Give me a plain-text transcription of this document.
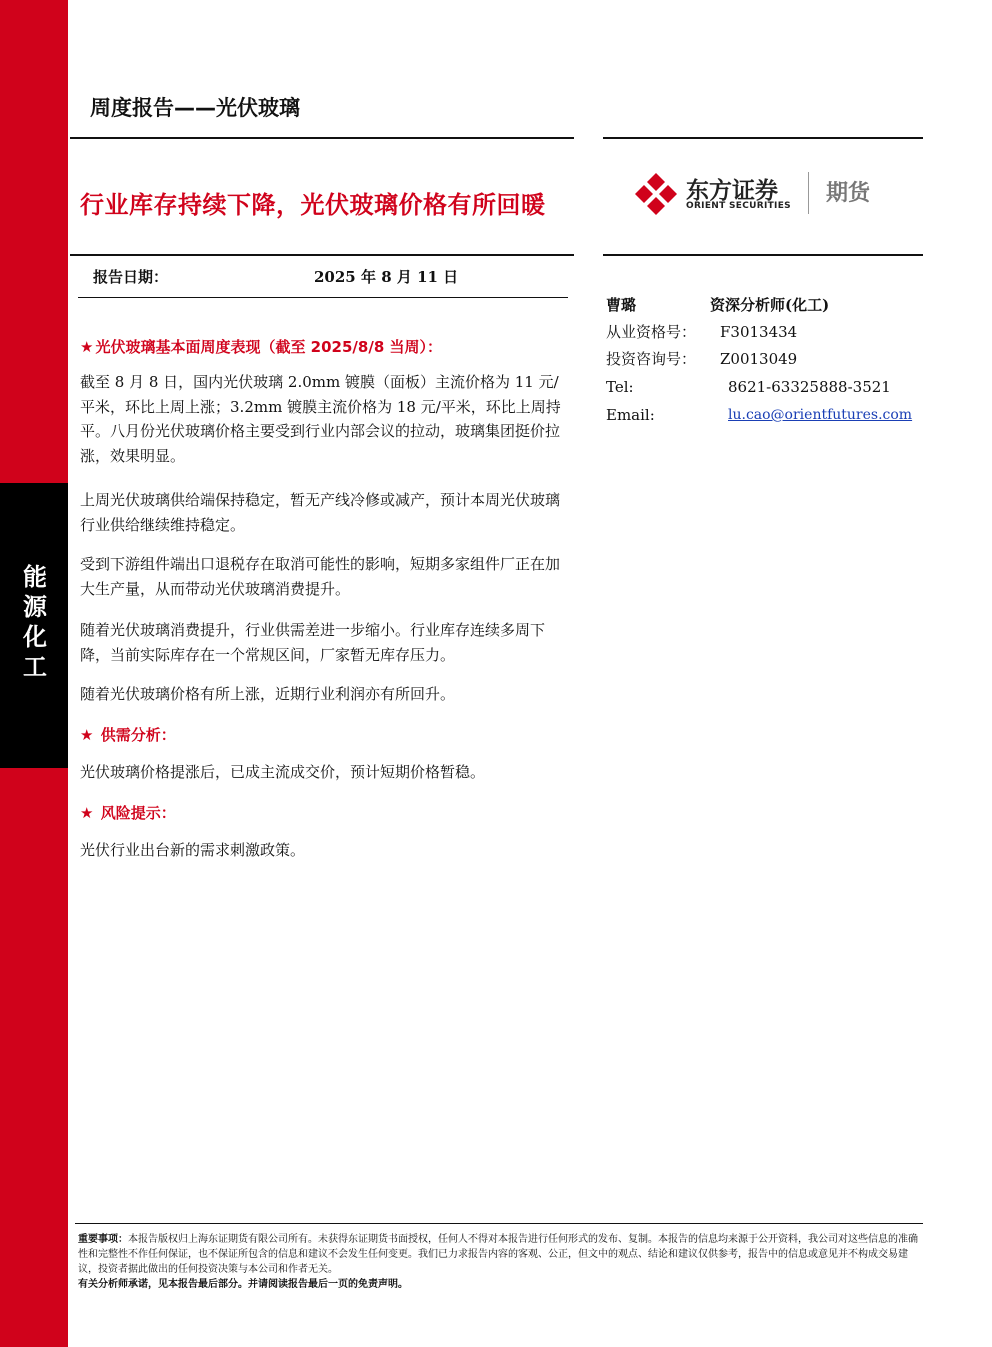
能源化工
周度报告——光伏玻璃
行业库存持续下降，光伏玻璃价格有所回暖	东方证券
ORIENT SECURITIES 期货
报告日期：	2025 年 8 月 11 日
★ 光伏玻璃基本面周度表现（截至 2025/8/8 当周）：
截至 8 月 8 日，国内光伏玻璃 2.0mm 镀膜（面板）主流价格为 11 元/平米，环比上周上涨；3.2mm 镀膜主流价格为 18 元/平米，环比上周持平。八月份光伏玻璃价格主要受到行业内部会议的拉动，玻璃集团挺价拉涨，效果明显。
上周光伏玻璃供给端保持稳定，暂无产线冷修或减产，预计本周光伏玻璃行业供给继续维持稳定。
受到下游组件端出口退税存在取消可能性的影响，短期多家组件厂正在加大生产量，从而带动光伏玻璃消费提升。
随着光伏玻璃消费提升，行业供需差进一步缩小。行业库存连续多周下降，当前实际库存在一个常规区间，厂家暂无库存压力。
随着光伏玻璃价格有所上涨，近期行业利润亦有所回升。
★ 供需分析：
光伏玻璃价格提涨后，已成主流成交价，预计短期价格暂稳。
★ 风险提示：
光伏行业出台新的需求刺激政策。
曹璐	资深分析师(化工)
从业资格号： F3013434
投资咨询号： Z0013049
Tel:	8621-63325888-3521
Email:	lu.cao@orientfutures.com
重要事项：本报告版权归上海东证期货有限公司所有。未获得东证期货书面授权，任何人不得对本报告进行任何形式的发布、复制。本报告的信息均来源于公开资料，我公司对这些信息的准确性和完整性不作任何保证，也不保证所包含的信息和建议不会发生任何变更。我们已力求报告内容的客观、公正，但文中的观点、结论和建议仅供参考，报告中的信息或意见并不构成交易建议，投资者据此做出的任何投资决策与本公司和作者无关。
有关分析师承诺，见本报告最后部分。并请阅读报告最后一页的免责声明。
